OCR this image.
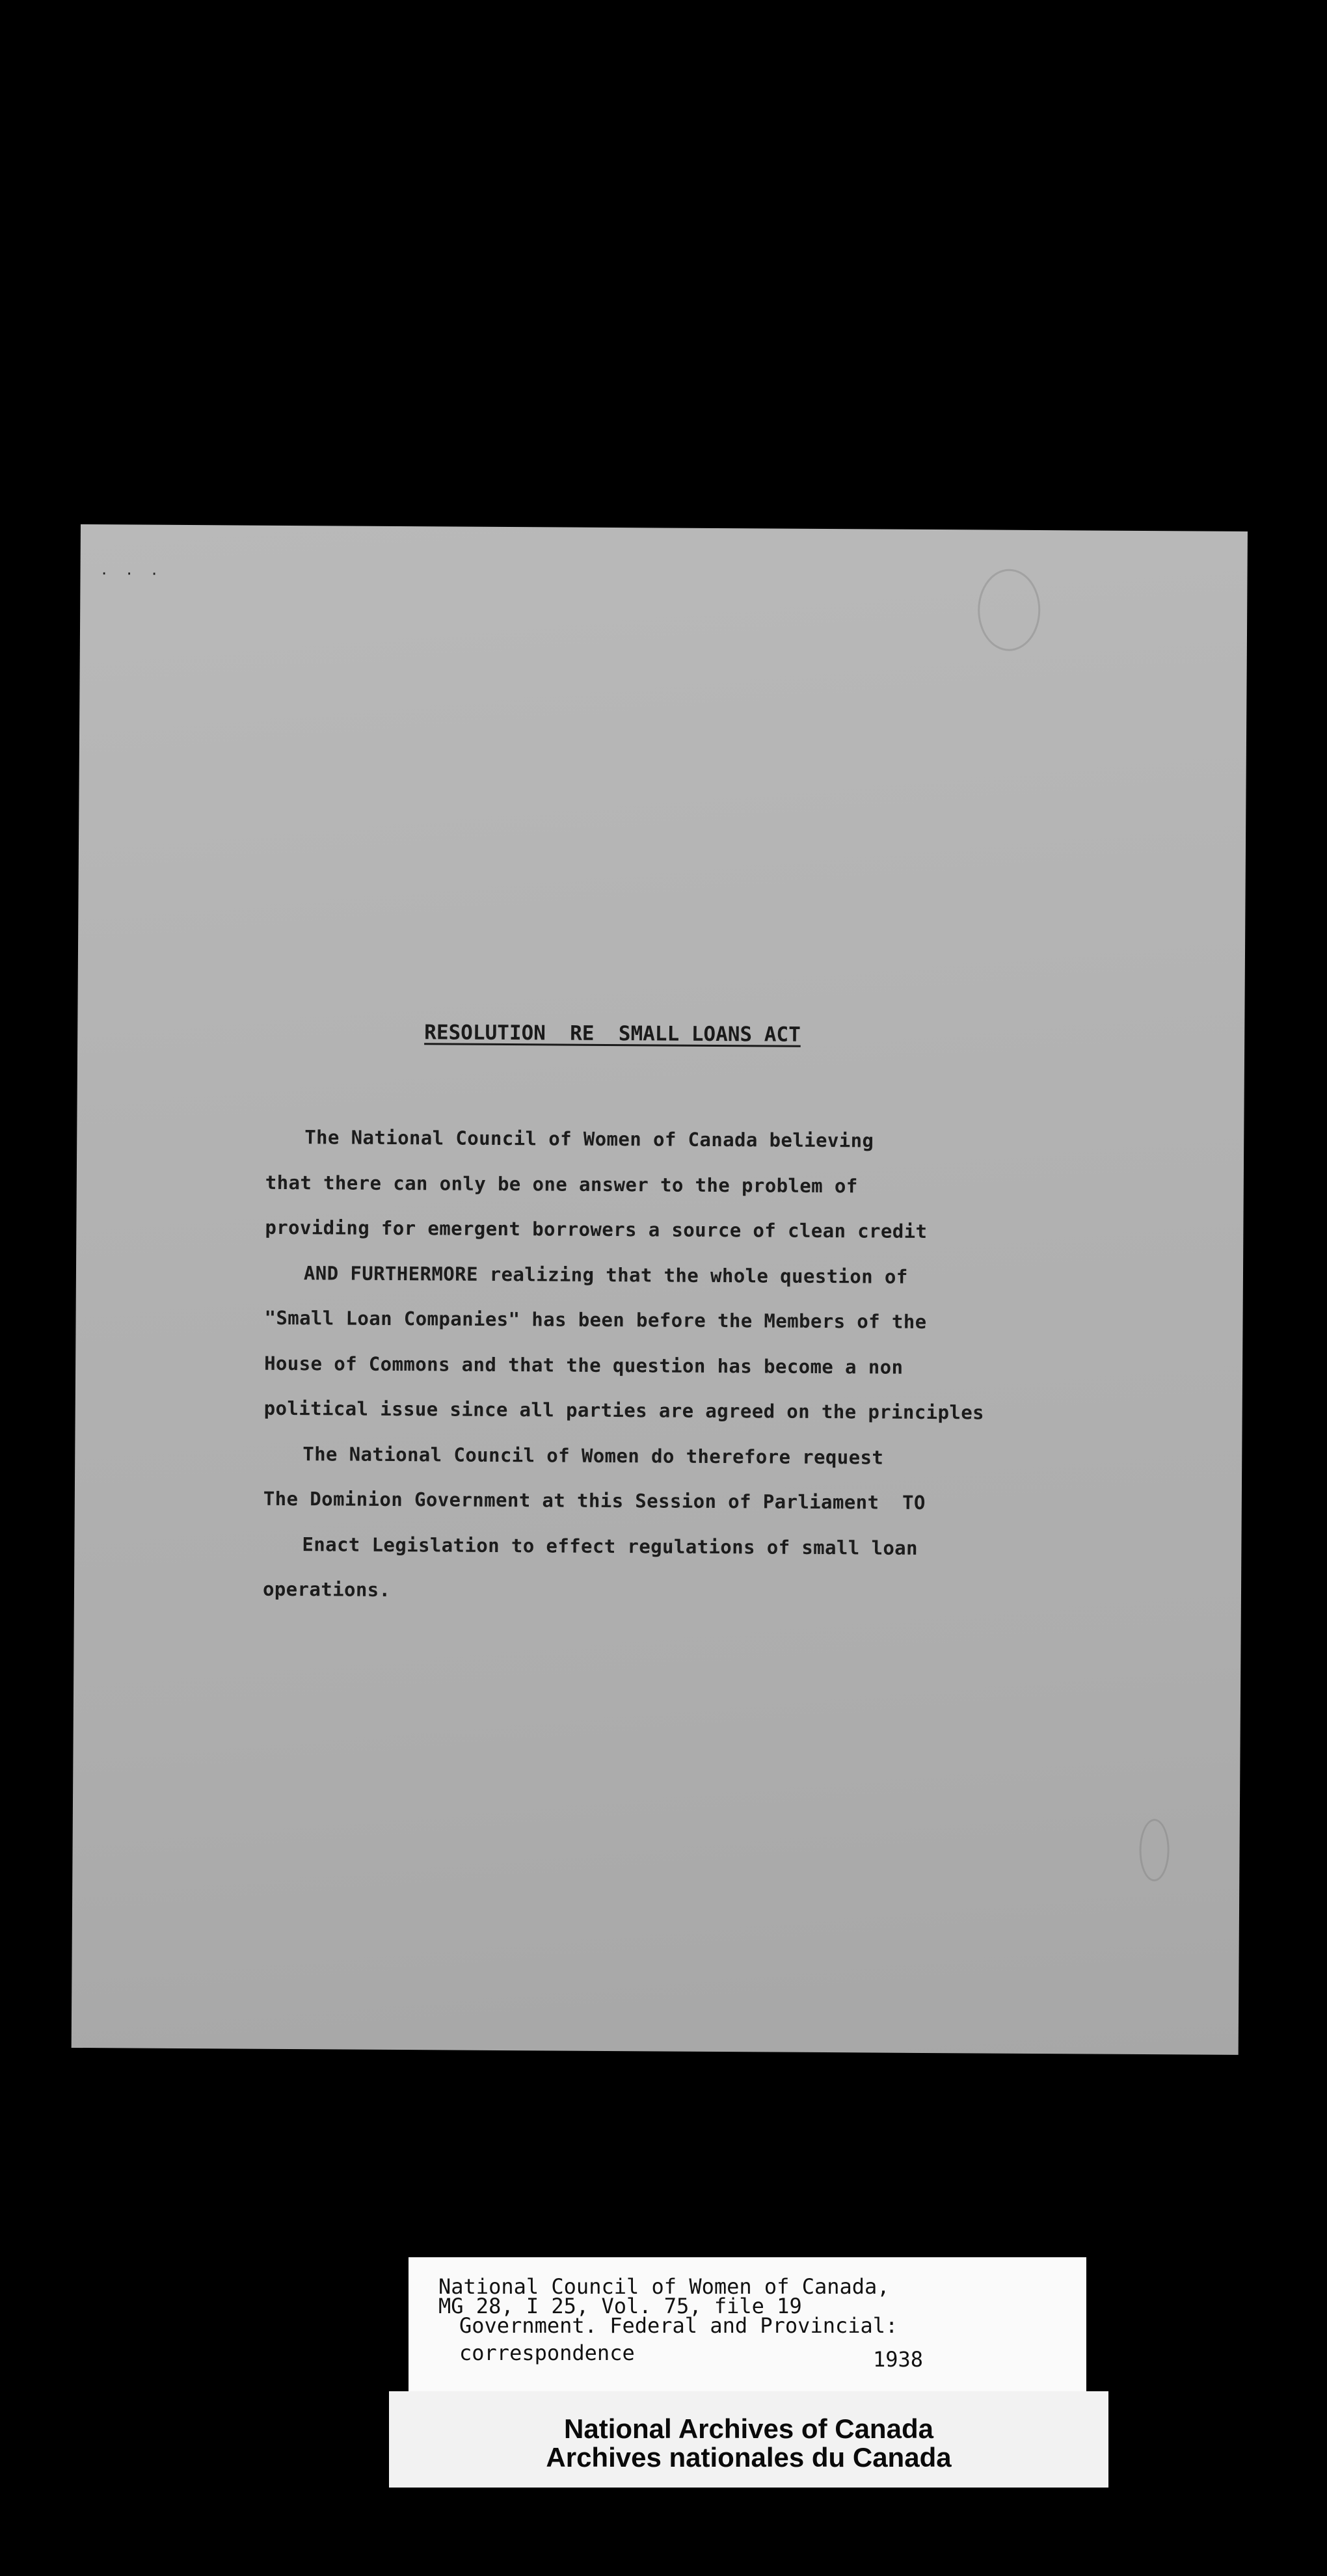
. . .
RESOLUTION  RE  SMALL LOANS ACT
The National Council of Women of Canada believing
that there can only be one answer to the problem of
providing for emergent borrowers a source of clean credit
AND FURTHERMORE realizing that the whole question of
"Small Loan Companies" has been before the Members of the
House of Commons and that the question has become a non
political issue since all parties are agreed on the principles
The National Council of Women do therefore request
The Dominion Government at this Session of Parliament  TO
Enact Legislation to effect regulations of small loan
operations.
National Council of Women of Canada,
MG 28, I 25, Vol. 75, file 19
Government. Federal and Provincial:
correspondence	1938
National Archives of Canada
Archives nationales du Canada
